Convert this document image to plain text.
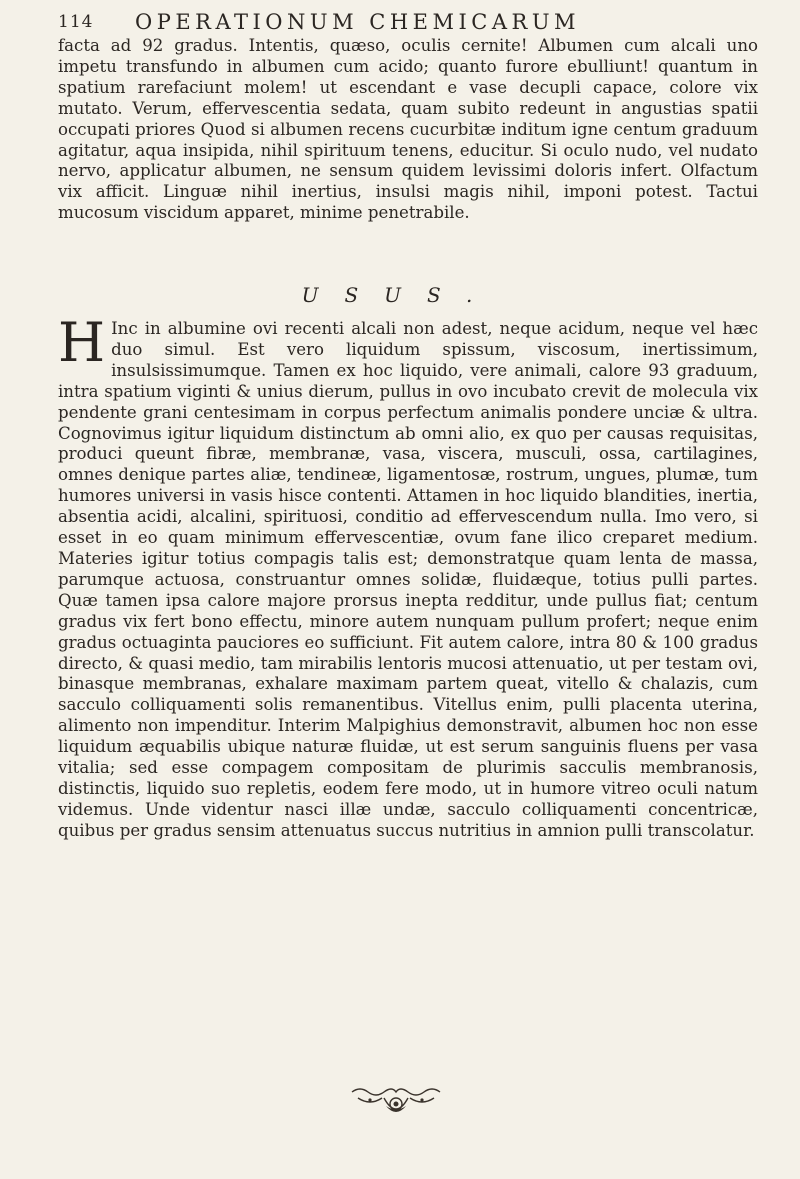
114 OPERATIONUM CHEMICARUM

facta ad 92 gradus. Intentis, quæso, oculis cernite! Albumen cum alcali uno impetu transfundo in albumen cum acido; quanto furore ebulliunt! quantum in spatium rarefaciunt molem! ut escendant e vase decupli capace, colore vix mutato. Verum, effervescentia sedata, quam subito redeunt in angustias spatii occupati priores Quod si albumen recens cucurbitæ inditum igne centum graduum agitatur, aqua insipida, nihil spirituum tenens, educitur. Si oculo nudo, vel nudato nervo, applicatur albumen, ne sensum quidem levissimi doloris infert. Olfactum vix afficit. Linguæ nihil inertius, insulsi magis nihil, imponi potest. Tactui mucosum viscidum apparet, minime penetrabile.

USUS.

H Inc in albumine ovi recenti alcali non adest, neque acidum, neque vel hæc duo simul. Est vero liquidum spissum, viscosum, inertissimum, insulsissimumque. Tamen ex hoc liquido, vere animali, calore 93 graduum, intra spatium viginti & unius dierum, pullus in ovo incubato crevit de molecula vix pendente grani centesimam in corpus perfectum animalis pondere unciæ & ultra. Cognovimus igitur liquidum distinctum ab omni alio, ex quo per causas requisitas, produci queunt fibræ, membranæ, vasa, viscera, musculi, ossa, cartilagines, omnes denique partes aliæ, tendineæ, ligamentosæ, rostrum, ungues, plumæ, tum humores universi in vasis hisce contenti. Attamen in hoc liquido blandities, inertia, absentia acidi, alcalini, spirituosi, conditio ad effervescendum nulla. Imo vero, si esset in eo quam minimum effervescentiæ, ovum fane ilico creparet medium. Materies igitur totius compagis talis est; demonstratque quam lenta de massa, parumque actuosa, construantur omnes solidæ, fluidæque, totius pulli partes. Quæ tamen ipsa calore majore prorsus inepta redditur, unde pullus fiat; centum gradus vix fert bono effectu, minore autem nunquam pullum profert; neque enim gradus octuaginta pauciores eo sufficiunt. Fit autem calore, intra 80 & 100 gradus directo, & quasi medio, tam mirabilis lentoris mucosi attenuatio, ut per testam ovi, binasque membranas, exhalare maximam partem queat, vitello & chalazis, cum sacculo colliquamenti solis remanentibus. Vitellus enim, pulli placenta uterina, alimento non impenditur. Interim Malpighius demonstravit, albumen hoc non esse liquidum æquabilis ubique naturæ fluidæ, ut est serum sanguinis fluens per vasa vitalia; sed esse compagem compositam de plurimis sacculis membranosis, distinctis, liquido suo repletis, eodem fere modo, ut in humore vitreo oculi natum videmus. Unde videntur nasci illæ undæ, sacculo colliquamenti concentricæ, quibus per gradus sensim attenuatus succus nutritius in amnion pulli transcolatur.
